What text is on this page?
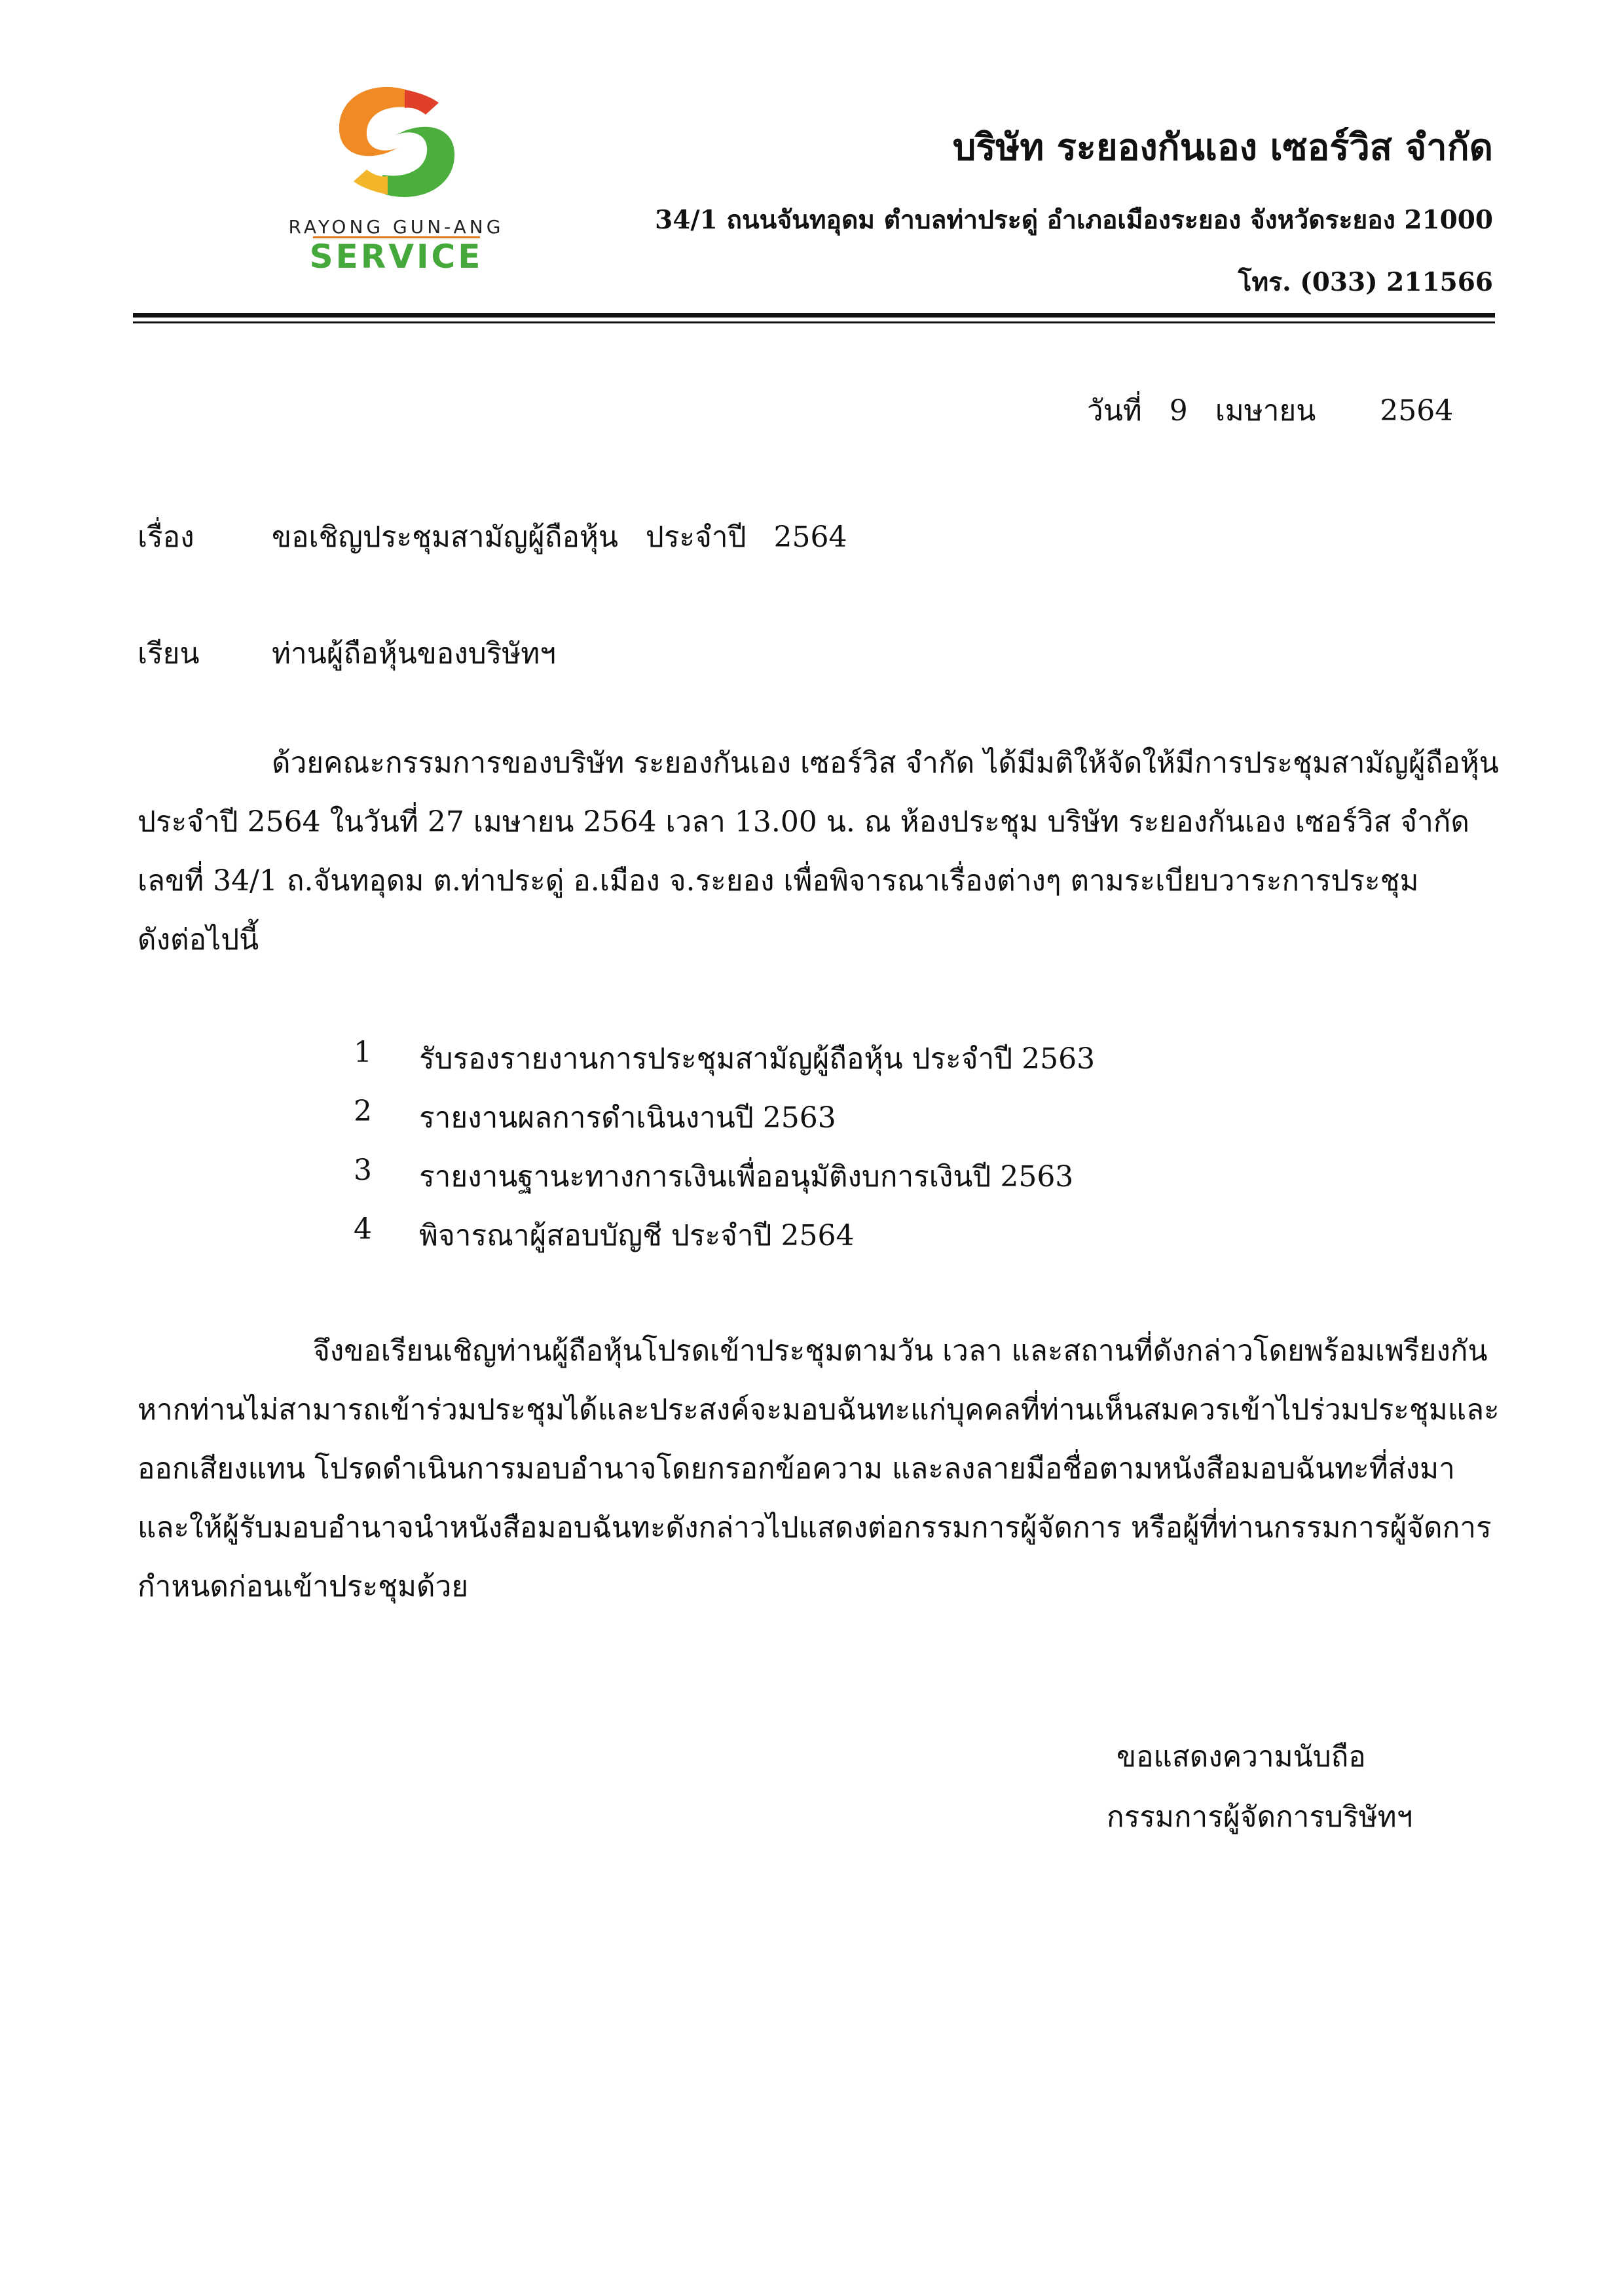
RAYONG GUN-ANG
SERVICE
บริษัท ระยองกันเอง เซอร์วิส จำกัด
34/1 ถนนจันทอุดม ตำบลท่าประดู่ อำเภอเมืองระยอง จังหวัดระยอง 21000
โทร. (033) 211566
วันที่   9   เมษายน       2564
เรื่อง	ขอเชิญประชุมสามัญผู้ถือหุ้น   ประจำปี   2564
เรียน	ท่านผู้ถือหุ้นของบริษัทฯ
ด้วยคณะกรรมการของบริษัท ระยองกันเอง เซอร์วิส จำกัด ได้มีมติให้จัดให้มีการประชุมสามัญผู้ถือหุ้น
ประจำปี 2564 ในวันที่ 27 เมษายน 2564 เวลา 13.00 น. ณ ห้องประชุม บริษัท ระยองกันเอง เซอร์วิส จำกัด
เลขที่ 34/1 ถ.จันทอุดม ต.ท่าประดู่ อ.เมือง จ.ระยอง เพื่อพิจารณาเรื่องต่างๆ ตามระเบียบวาระการประชุม
ดังต่อไปนี้
1 รับรองรายงานการประชุมสามัญผู้ถือหุ้น ประจำปี 2563
2 รายงานผลการดำเนินงานปี 2563
3 รายงานฐานะทางการเงินเพื่ออนุมัติงบการเงินปี 2563
4 พิจารณาผู้สอบบัญชี ประจำปี 2564
จึงขอเรียนเชิญท่านผู้ถือหุ้นโปรดเข้าประชุมตามวัน เวลา และสถานที่ดังกล่าวโดยพร้อมเพรียงกัน
หากท่านไม่สามารถเข้าร่วมประชุมได้และประสงค์จะมอบฉันทะแก่บุคคลที่ท่านเห็นสมควรเข้าไปร่วมประชุมและ
ออกเสียงแทน โปรดดำเนินการมอบอำนาจโดยกรอกข้อความ และลงลายมือชื่อตามหนังสือมอบฉันทะที่ส่งมา
และให้ผู้รับมอบอำนาจนำหนังสือมอบฉันทะดังกล่าวไปแสดงต่อกรรมการผู้จัดการ หรือผู้ที่ท่านกรรมการผู้จัดการ
กำหนดก่อนเข้าประชุมด้วย
ขอแสดงความนับถือ
กรรมการผู้จัดการบริษัทฯ
